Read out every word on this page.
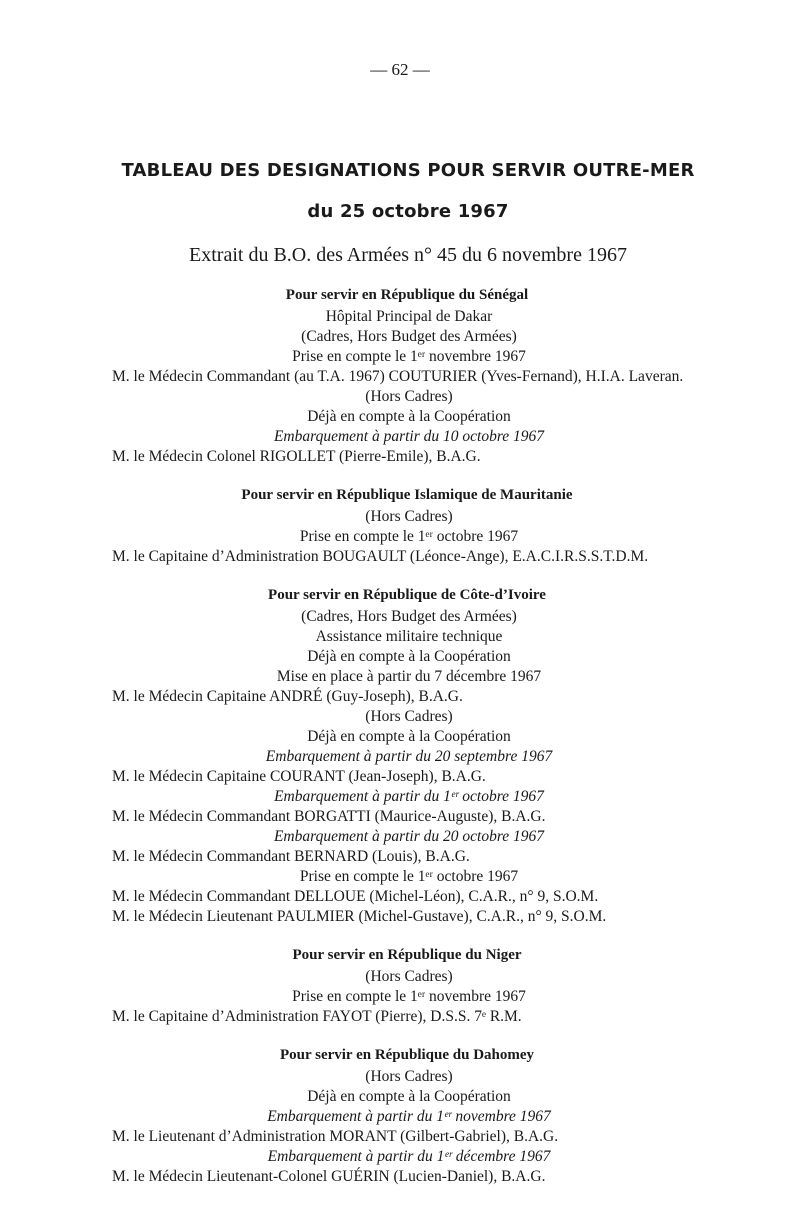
— 62 —
TABLEAU DES DESIGNATIONS POUR SERVIR OUTRE-MER
du 25 octobre 1967
Extrait du B.O. des Armées n° 45 du 6 novembre 1967
Pour servir en République du Sénégal
Hôpital Principal de Dakar
(Cadres, Hors Budget des Armées)
Prise en compte le 1ᵉʳ novembre 1967
M. le Médecin Commandant (au T.A. 1967) COUTURIER (Yves-Fernand), H.I.A. Laveran.
(Hors Cadres)
Déjà en compte à la Coopération
Embarquement à partir du 10 octobre 1967
M. le Médecin Colonel RIGOLLET (Pierre-Emile), B.A.G.
Pour servir en République Islamique de Mauritanie
(Hors Cadres)
Prise en compte le 1ᵉʳ octobre 1967
M. le Capitaine d’Administration BOUGAULT (Léonce-Ange), E.A.C.I.R.S.S.T.D.M.
Pour servir en République de Côte-d’Ivoire
(Cadres, Hors Budget des Armées)
Assistance militaire technique
Déjà en compte à la Coopération
Mise en place à partir du 7 décembre 1967
M. le Médecin Capitaine ANDRÉ (Guy-Joseph), B.A.G.
(Hors Cadres)
Déjà en compte à la Coopération
Embarquement à partir du 20 septembre 1967
M. le Médecin Capitaine COURANT (Jean-Joseph), B.A.G.
Embarquement à partir du 1ᵉʳ octobre 1967
M. le Médecin Commandant BORGATTI (Maurice-Auguste), B.A.G.
Embarquement à partir du 20 octobre 1967
M. le Médecin Commandant BERNARD (Louis), B.A.G.
Prise en compte le 1ᵉʳ octobre 1967
M. le Médecin Commandant DELLOUE (Michel-Léon), C.A.R., n° 9, S.O.M.
M. le Médecin Lieutenant PAULMIER (Michel-Gustave), C.A.R., n° 9, S.O.M.
Pour servir en République du Niger
(Hors Cadres)
Prise en compte le 1ᵉʳ novembre 1967
M. le Capitaine d’Administration FAYOT (Pierre), D.S.S. 7ᵉ R.M.
Pour servir en République du Dahomey
(Hors Cadres)
Déjà en compte à la Coopération
Embarquement à partir du 1ᵉʳ novembre 1967
M. le Lieutenant d’Administration MORANT (Gilbert-Gabriel), B.A.G.
Embarquement à partir du 1ᵉʳ décembre 1967
M. le Médecin Lieutenant-Colonel GUÉRIN (Lucien-Daniel), B.A.G.
